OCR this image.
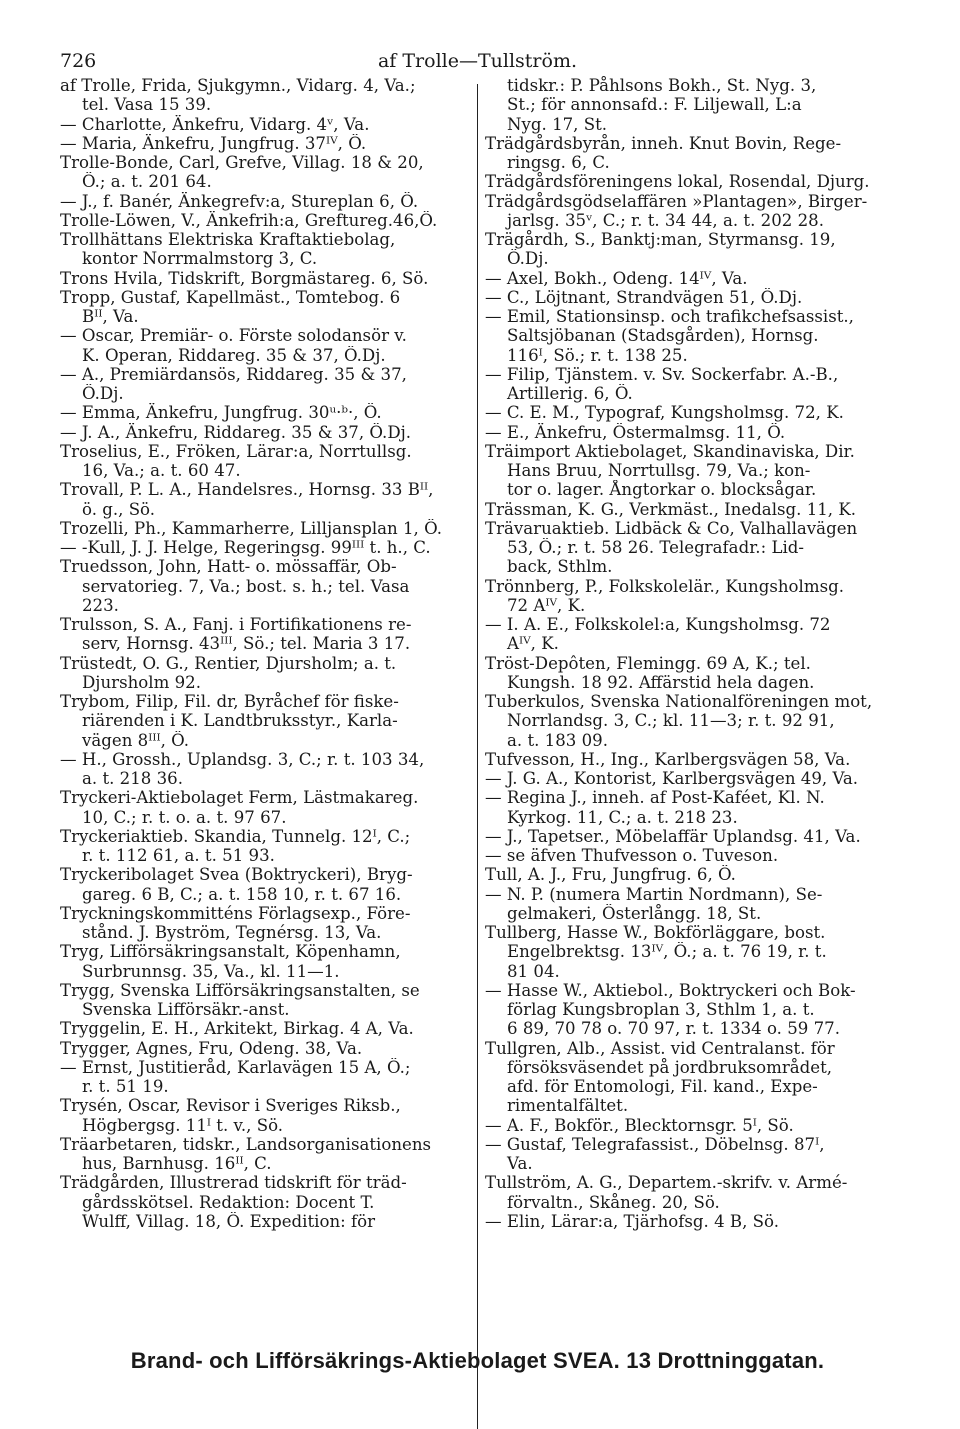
726	af Trolle—Tullström.
af Trolle, Frida, Sjukgymn., Vidarg. 4, Va.;
tel. Vasa 15 39.
— Charlotte, Änkefru, Vidarg. 4ᵛ, Va.
— Maria, Änkefru, Jungfrug. 37ᴵⱽ, Ö.
Trolle-Bonde, Carl, Grefve, Villag. 18 & 20,
Ö.; a. t. 201 64.
— J., f. Banér, Änkegrefv:a, Stureplan 6, Ö.
Trolle-Löwen, V., Änkefrih:a, Greftureg.46,Ö.
Trollhättans Elektriska Kraftaktiebolag,
kontor Norrmalmstorg 3, C.
Trons Hvila, Tidskrift, Borgmästareg. 6, Sö.
Tropp, Gustaf, Kapellmäst., Tomtebog. 6
Bᴵᴵ, Va.
— Oscar, Premiär- o. Förste solodansör v.
K. Operan, Riddareg. 35 & 37, Ö.Dj.
— A., Premiärdansös, Riddareg. 35 & 37,
Ö.Dj.
— Emma, Änkefru, Jungfrug. 30ᵘ·ᵇ·, Ö.
— J. A., Änkefru, Riddareg. 35 & 37, Ö.Dj.
Troselius, E., Fröken, Lärar:a, Norrtullsg.
16, Va.; a. t. 60 47.
Trovall, P. L. A., Handelsres., Hornsg. 33 Bᴵᴵ,
ö. g., Sö.
Trozelli, Ph., Kammarherre, Lilljansplan 1, Ö.
— -Kull, J. J. Helge, Regeringsg. 99ᴵᴵᴵ t. h., C.
Truedsson, John, Hatt- o. mössaffär, Ob-
servatorieg. 7, Va.; bost. s. h.; tel. Vasa
223.
Trulsson, S. A., Fanj. i Fortifikationens re-
serv, Hornsg. 43ᴵᴵᴵ, Sö.; tel. Maria 3 17.
Trüstedt, O. G., Rentier, Djursholm; a. t.
Djursholm 92.
Trybom, Filip, Fil. dr, Byråchef för fiske-
riärenden i K. Landtbruksstyr., Karla-
vägen 8ᴵᴵᴵ, Ö.
— H., Grossh., Uplandsg. 3, C.; r. t. 103 34,
a. t. 218 36.
Tryckeri-Aktiebolaget Ferm, Lästmakareg.
10, C.; r. t. o. a. t. 97 67.
Tryckeriaktieb. Skandia, Tunnelg. 12ᴵ, C.;
r. t. 112 61, a. t. 51 93.
Tryckeribolaget Svea (Boktryckeri), Bryg-
gareg. 6 B, C.; a. t. 158 10, r. t. 67 16.
Tryckningskommitténs Förlagsexp., Före-
stånd. J. Byström, Tegnérsg. 13, Va.
Tryg, Lifförsäkringsanstalt, Köpenhamn,
Surbrunnsg. 35, Va., kl. 11—1.
Trygg, Svenska Lifförsäkringsanstalten, se
Svenska Lifförsäkr.-anst.
Tryggelin, E. H., Arkitekt, Birkag. 4 A, Va.
Trygger, Agnes, Fru, Odeng. 38, Va.
— Ernst, Justitieråd, Karlavägen 15 A, Ö.;
r. t. 51 19.
Trysén, Oscar, Revisor i Sveriges Riksb.,
Högbergsg. 11ᴵ t. v., Sö.
Träarbetaren, tidskr., Landsorganisationens
hus, Barnhusg. 16ᴵᴵ, C.
Trädgården, Illustrerad tidskrift för träd-
gårdsskötsel. Redaktion: Docent T.
Wulff, Villag. 18, Ö. Expedition: för
tidskr.: P. Påhlsons Bokh., St. Nyg. 3,
St.; för annonsafd.: F. Liljewall, L:a
Nyg. 17, St.
Trädgårdsbyrån, inneh. Knut Bovin, Rege-
ringsg. 6, C.
Trädgårdsföreningens lokal, Rosendal, Djurg.
Trädgårdsgödselaffären »Plantagen», Birger-
jarlsg. 35ᵛ, C.; r. t. 34 44, a. t. 202 28.
Trägårdh, S., Banktj:man, Styrmansg. 19,
Ö.Dj.
— Axel, Bokh., Odeng. 14ᴵⱽ, Va.
— C., Löjtnant, Strandvägen 51, Ö.Dj.
— Emil, Stationsinsp. och trafikchefsassist.,
Saltsjöbanan (Stadsgården), Hornsg.
116ᴵ, Sö.; r. t. 138 25.
— Filip, Tjänstem. v. Sv. Sockerfabr. A.-B.,
Artillerig. 6, Ö.
— C. E. M., Typograf, Kungsholmsg. 72, K.
— E., Änkefru, Östermalmsg. 11, Ö.
Träimport Aktiebolaget, Skandinaviska, Dir.
Hans Bruu, Norrtullsg. 79, Va.; kon-
tor o. lager. Ångtorkar o. blocksågar.
Trässman, K. G., Verkmäst., Inedalsg. 11, K.
Trävaruaktieb. Lidbäck & Co, Valhallavägen
53, Ö.; r. t. 58 26. Telegrafadr.: Lid-
back, Sthlm.
Trönnberg, P., Folkskolelär., Kungsholmsg.
72 Aᴵⱽ, K.
— I. A. E., Folkskolel:a, Kungsholmsg. 72
Aᴵⱽ, K.
Tröst-Depôten, Flemingg. 69 A, K.; tel.
Kungsh. 18 92. Affärstid hela dagen.
Tuberkulos, Svenska Nationalföreningen mot,
Norrlandsg. 3, C.; kl. 11—3; r. t. 92 91,
a. t. 183 09.
Tufvesson, H., Ing., Karlbergsvägen 58, Va.
— J. G. A., Kontorist, Karlbergsvägen 49, Va.
— Regina J., inneh. af Post-Kaféet, Kl. N.
Kyrkog. 11, C.; a. t. 218 23.
— J., Tapetser., Möbelaffär Uplandsg. 41, Va.
— se äfven Thufvesson o. Tuveson.
Tull, A. J., Fru, Jungfrug. 6, Ö.
— N. P. (numera Martin Nordmann), Se-
gelmakeri, Österlångg. 18, St.
Tullberg, Hasse W., Bokförläggare, bost.
Engelbrektsg. 13ᴵⱽ, Ö.; a. t. 76 19, r. t.
81 04.
— Hasse W., Aktiebol., Boktryckeri och Bok-
förlag Kungsbroplan 3, Sthlm 1, a. t.
6 89, 70 78 o. 70 97, r. t. 1334 o. 59 77.
Tullgren, Alb., Assist. vid Centralanst. för
försöksväsendet på jordbruksområdet,
afd. för Entomologi, Fil. kand., Expe-
rimentalfältet.
— A. F., Bokför., Blecktornsgr. 5ᴵ, Sö.
— Gustaf, Telegrafassist., Döbelnsg. 87ᴵ,
Va.
Tullström, A. G., Departem.-skrifv. v. Armé-
förvaltn., Skåneg. 20, Sö.
— Elin, Lärar:a, Tjärhofsg. 4 B, Sö.
Brand- och Lifförsäkrings-Aktiebolaget SVEA. 13 Drottninggatan.
